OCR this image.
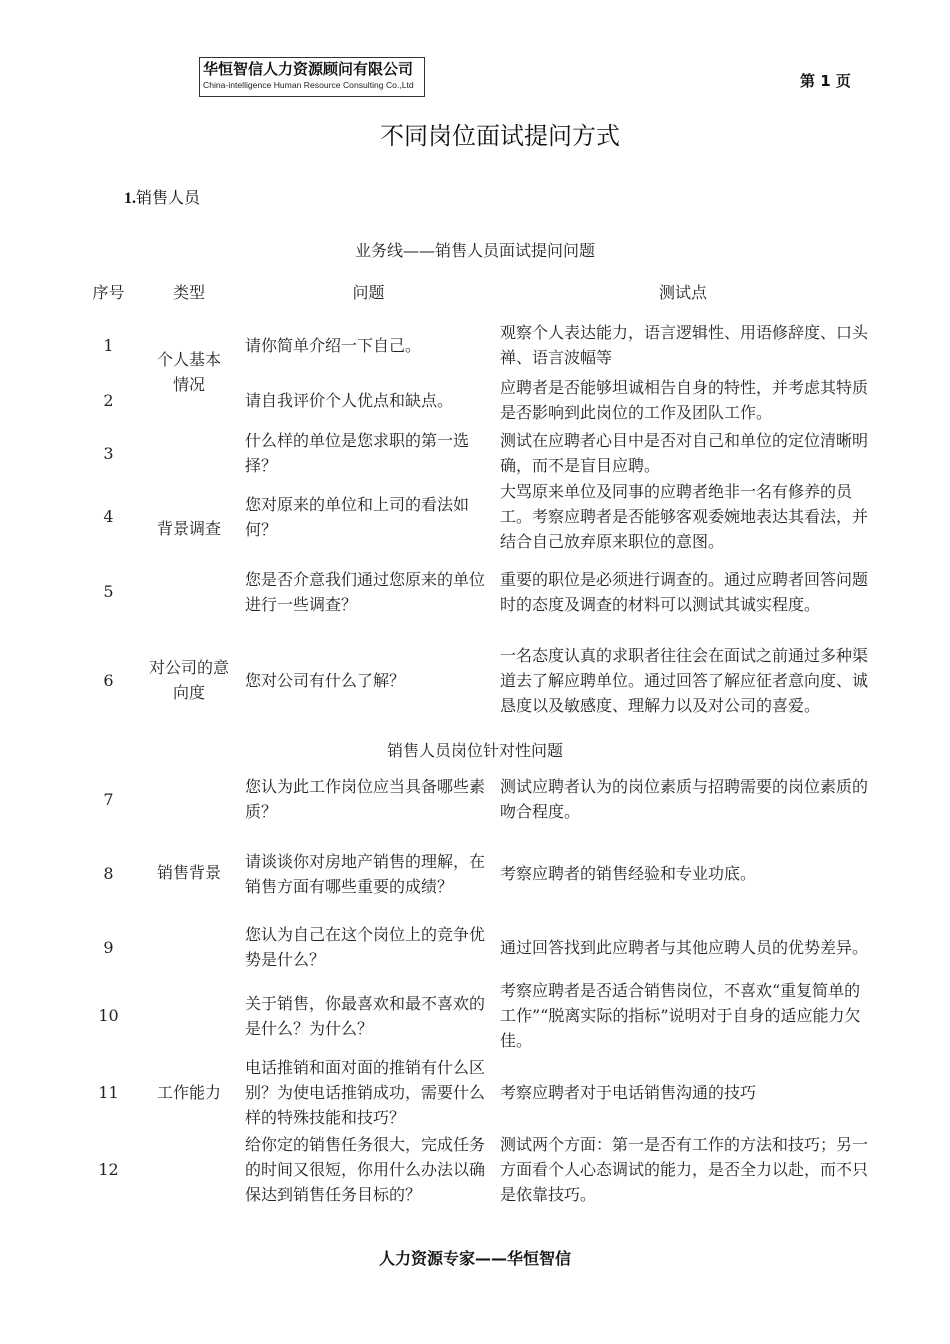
华恒智信人力资源顾问有限公司
China-intelligence Human Resource Consulting Co.,Ltd	第 1 页
不同岗位面试提问方式
1.销售人员
业务线——销售人员面试提问问题			
序号	类型	问题	测试点
1	个人基本情况	请你简单介绍一下自己。	观察个人表达能力，语言逻辑性、用语修辞度、口头禅、语言波幅等
2		请自我评价个人优点和缺点。	应聘者是否能够坦诚相告自身的特性，并考虑其特质是否影响到此岗位的工作及团队工作。
3	背景调查	什么样的单位是您求职的第一选择？	测试在应聘者心目中是否对自己和单位的定位清晰明确，而不是盲目应聘。
4		您对原来的单位和上司的看法如何？	大骂原来单位及同事的应聘者绝非一名有修养的员工。考察应聘者是否能够客观委婉地表达其看法，并结合自己放弃原来职位的意图。
5		您是否介意我们通过您原来的单位进行一些调查？	重要的职位是必须进行调查的。通过应聘者回答问题时的态度及调查的材料可以测试其诚实程度。
6	对公司的意向度	您对公司有什么了解？	一名态度认真的求职者往往会在面试之前通过多种渠道去了解应聘单位。通过回答了解应征者意向度、诚恳度以及敏感度、理解力以及对公司的喜爱。
销售人员岗位针对性问题			
7	销售背景	您认为此工作岗位应当具备哪些素质？	测试应聘者认为的岗位素质与招聘需要的岗位素质的吻合程度。
8		请谈谈你对房地产销售的理解，在销售方面有哪些重要的成绩？	考察应聘者的销售经验和专业功底。
9		您认为自己在这个岗位上的竞争优势是什么？	通过回答找到此应聘者与其他应聘人员的优势差异。
10	工作能力	关于销售，你最喜欢和最不喜欢的是什么？为什么？	考察应聘者是否适合销售岗位，不喜欢“重复简单的工作”“脱离实际的指标”说明对于自身的适应能力欠佳。
11		电话推销和面对面的推销有什么区别？为使电话推销成功，需要什么样的特殊技能和技巧？	考察应聘者对于电话销售沟通的技巧
12		给你定的销售任务很大，完成任务的时间又很短，你用什么办法以确保达到销售任务目标的？	测试两个方面：第一是否有工作的方法和技巧；另一方面看个人心态调试的能力，是否全力以赴，而不只是依靠技巧。
人力资源专家——华恒智信
